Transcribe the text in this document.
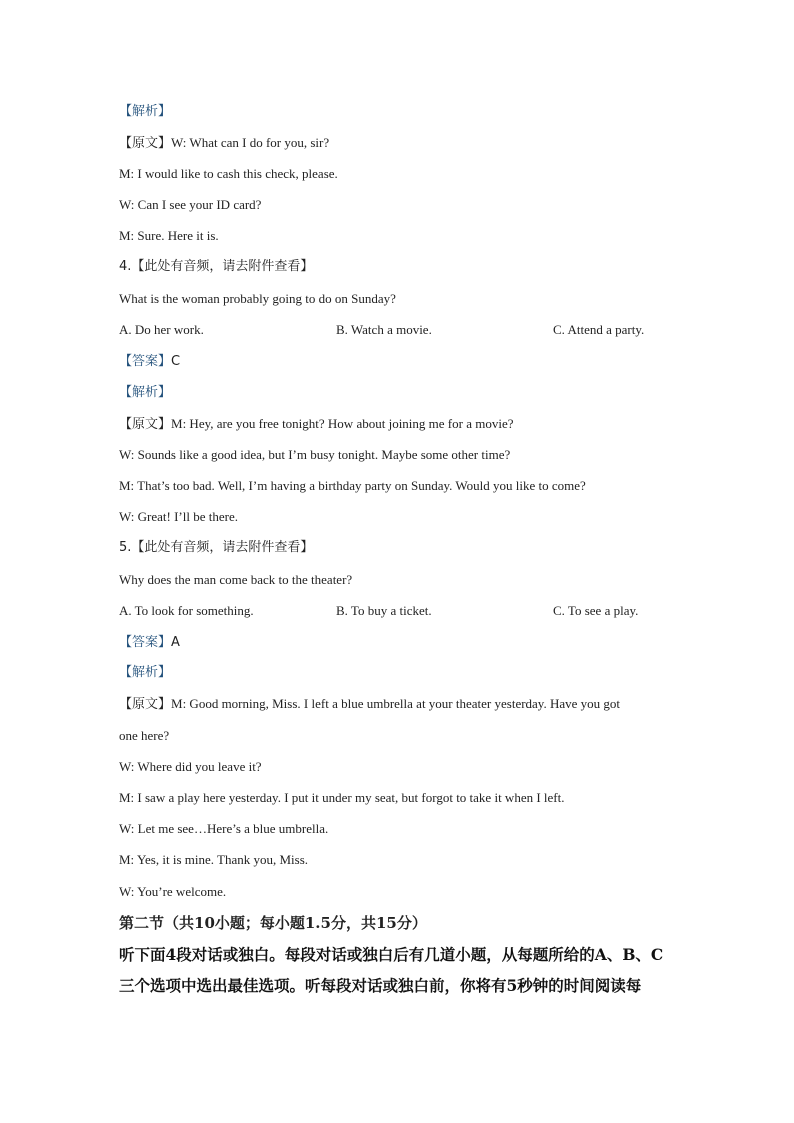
【解析】
【原文】W: What can I do for you, sir?
M: I would like to cash this check, please.
W: Can I see your ID card?
M: Sure. Here it is.
4.【此处有音频，请去附件查看】
What is the woman probably going to do on Sunday?
A. Do her work.	B. Watch a movie.	C. Attend a party.
【答案】C
【解析】
【原文】M: Hey, are you free tonight? How about joining me for a movie?
W: Sounds like a good idea, but I’m busy tonight. Maybe some other time?
M: That’s too bad. Well, I’m having a birthday party on Sunday. Would you like to come?
W: Great! I’ll be there.
5.【此处有音频，请去附件查看】
Why does the man come back to the theater?
A. To look for something.	B. To buy a ticket.	C. To see a play.
【答案】A
【解析】
【原文】M: Good morning, Miss. I left a blue umbrella at your theater yesterday. Have you got
one here?
W: Where did you leave it?
M: I saw a play here yesterday. I put it under my seat, but forgot to take it when I left.
W: Let me see…Here’s a blue umbrella.
M: Yes, it is mine. Thank you, Miss.
W: You’re welcome.
第二节（共10小题；每小题1.5分，共15分）
听下面4段对话或独白。每段对话或独白后有几道小题，从每题所给的A、B、C
三个选项中选出最佳选项。听每段对话或独白前，你将有5秒钟的时间阅读每
